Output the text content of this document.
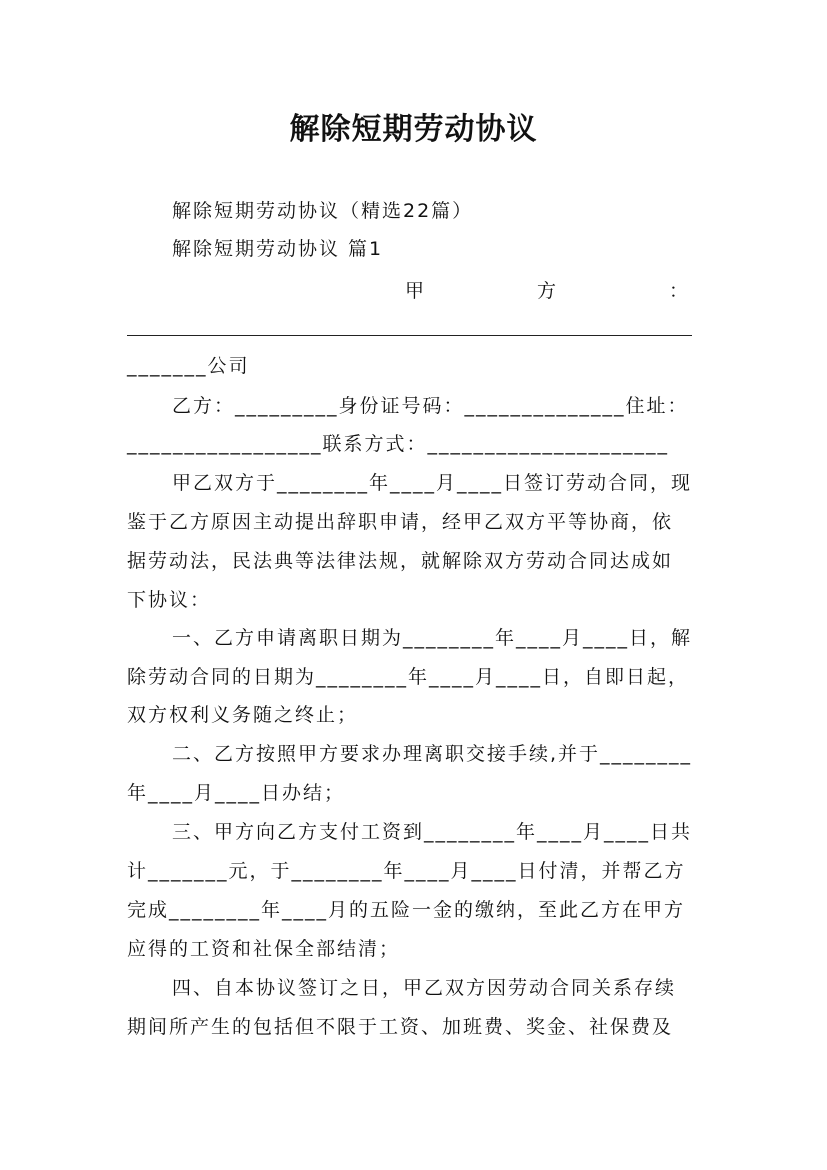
解除短期劳动协议
解除短期劳动协议（精选22篇）
解除短期劳动协议 篇1
甲	方	：
_______公司
乙方：_________身份证号码：______________住址：
_________________联系方式：_____________________
甲乙双方于________年____月____日签订劳动合同，现
鉴于乙方原因主动提出辞职申请，经甲乙双方平等协商，依
据劳动法，民法典等法律法规，就解除双方劳动合同达成如
下协议：
一、乙方申请离职日期为________年____月____日，解
除劳动合同的日期为________年____月____日，自即日起，
双方权利义务随之终止；
二、乙方按照甲方要求办理离职交接手续,并于________
年____月____日办结；
三、甲方向乙方支付工资到________年____月____日共
计_______元，于________年____月____日付清，并帮乙方
完成________年____月的五险一金的缴纳，至此乙方在甲方
应得的工资和社保全部结清；
四、自本协议签订之日，甲乙双方因劳动合同关系存续
期间所产生的包括但不限于工资、加班费、奖金、社保费及
